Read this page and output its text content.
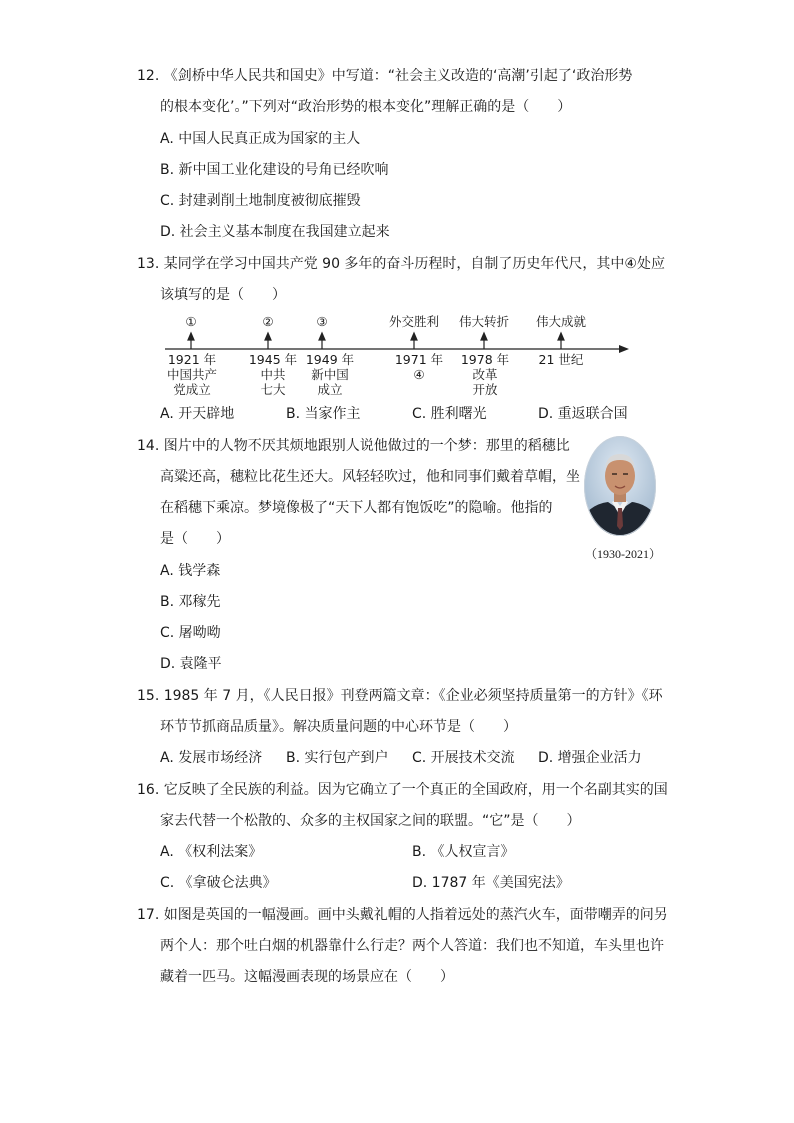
12. 《剑桥中华人民共和国史》中写道：“社会主义改造的‘高潮’引起了‘政治形势
的根本变化’。”下列对“政治形势的根本变化”理解正确的是（　　）
A. 中国人民真正成为国家的主人
B. 新中国工业化建设的号角已经吹响
C. 封建剥削土地制度被彻底摧毁
D. 社会主义基本制度在我国建立起来
13. 某同学在学习中国共产党 90 多年的奋斗历程时，自制了历史年代尺，其中④处应
该填写的是（　　）
①	②	③	外交胜利	伟大转折	伟大成就
1921 年
中国共产
党成立
1945 年
中共
七大
1949 年
新中国
成立
1971 年
④
1978 年
改革
开放
21 世纪
A. 开天辟地	B. 当家作主	C. 胜利曙光	D. 重返联合国
14. 图片中的人物不厌其烦地跟别人说他做过的一个梦：那里的稻穗比
高粱还高，穗粒比花生还大。风轻轻吹过，他和同事们戴着草帽，坐
在稻穗下乘凉。梦境像极了“天下人都有饱饭吃”的隐喻。他指的
是（　　）
（1930-2021）
A. 钱学森
B. 邓稼先
C. 屠呦呦
D. 袁隆平
15. 1985 年 7 月，《人民日报》刊登两篇文章：《企业必须坚持质量第一的方针》《环
环节节抓商品质量》。解决质量问题的中心环节是（　　）
A. 发展市场经济 B. 实行包产到户 C. 开展技术交流 D. 增强企业活力
16. 它反映了全民族的利益。因为它确立了一个真正的全国政府，用一个名副其实的国
家去代替一个松散的、众多的主权国家之间的联盟。“它”是（　　）
A. 《权利法案》	B. 《人权宣言》
C. 《拿破仑法典》	D. 1787 年《美国宪法》
17. 如图是英国的一幅漫画。画中头戴礼帽的人指着远处的蒸汽火车，面带嘲弄的问另
两个人：那个吐白烟的机器靠什么行走？两个人答道：我们也不知道，车头里也许
藏着一匹马。这幅漫画表现的场景应在（　　）
